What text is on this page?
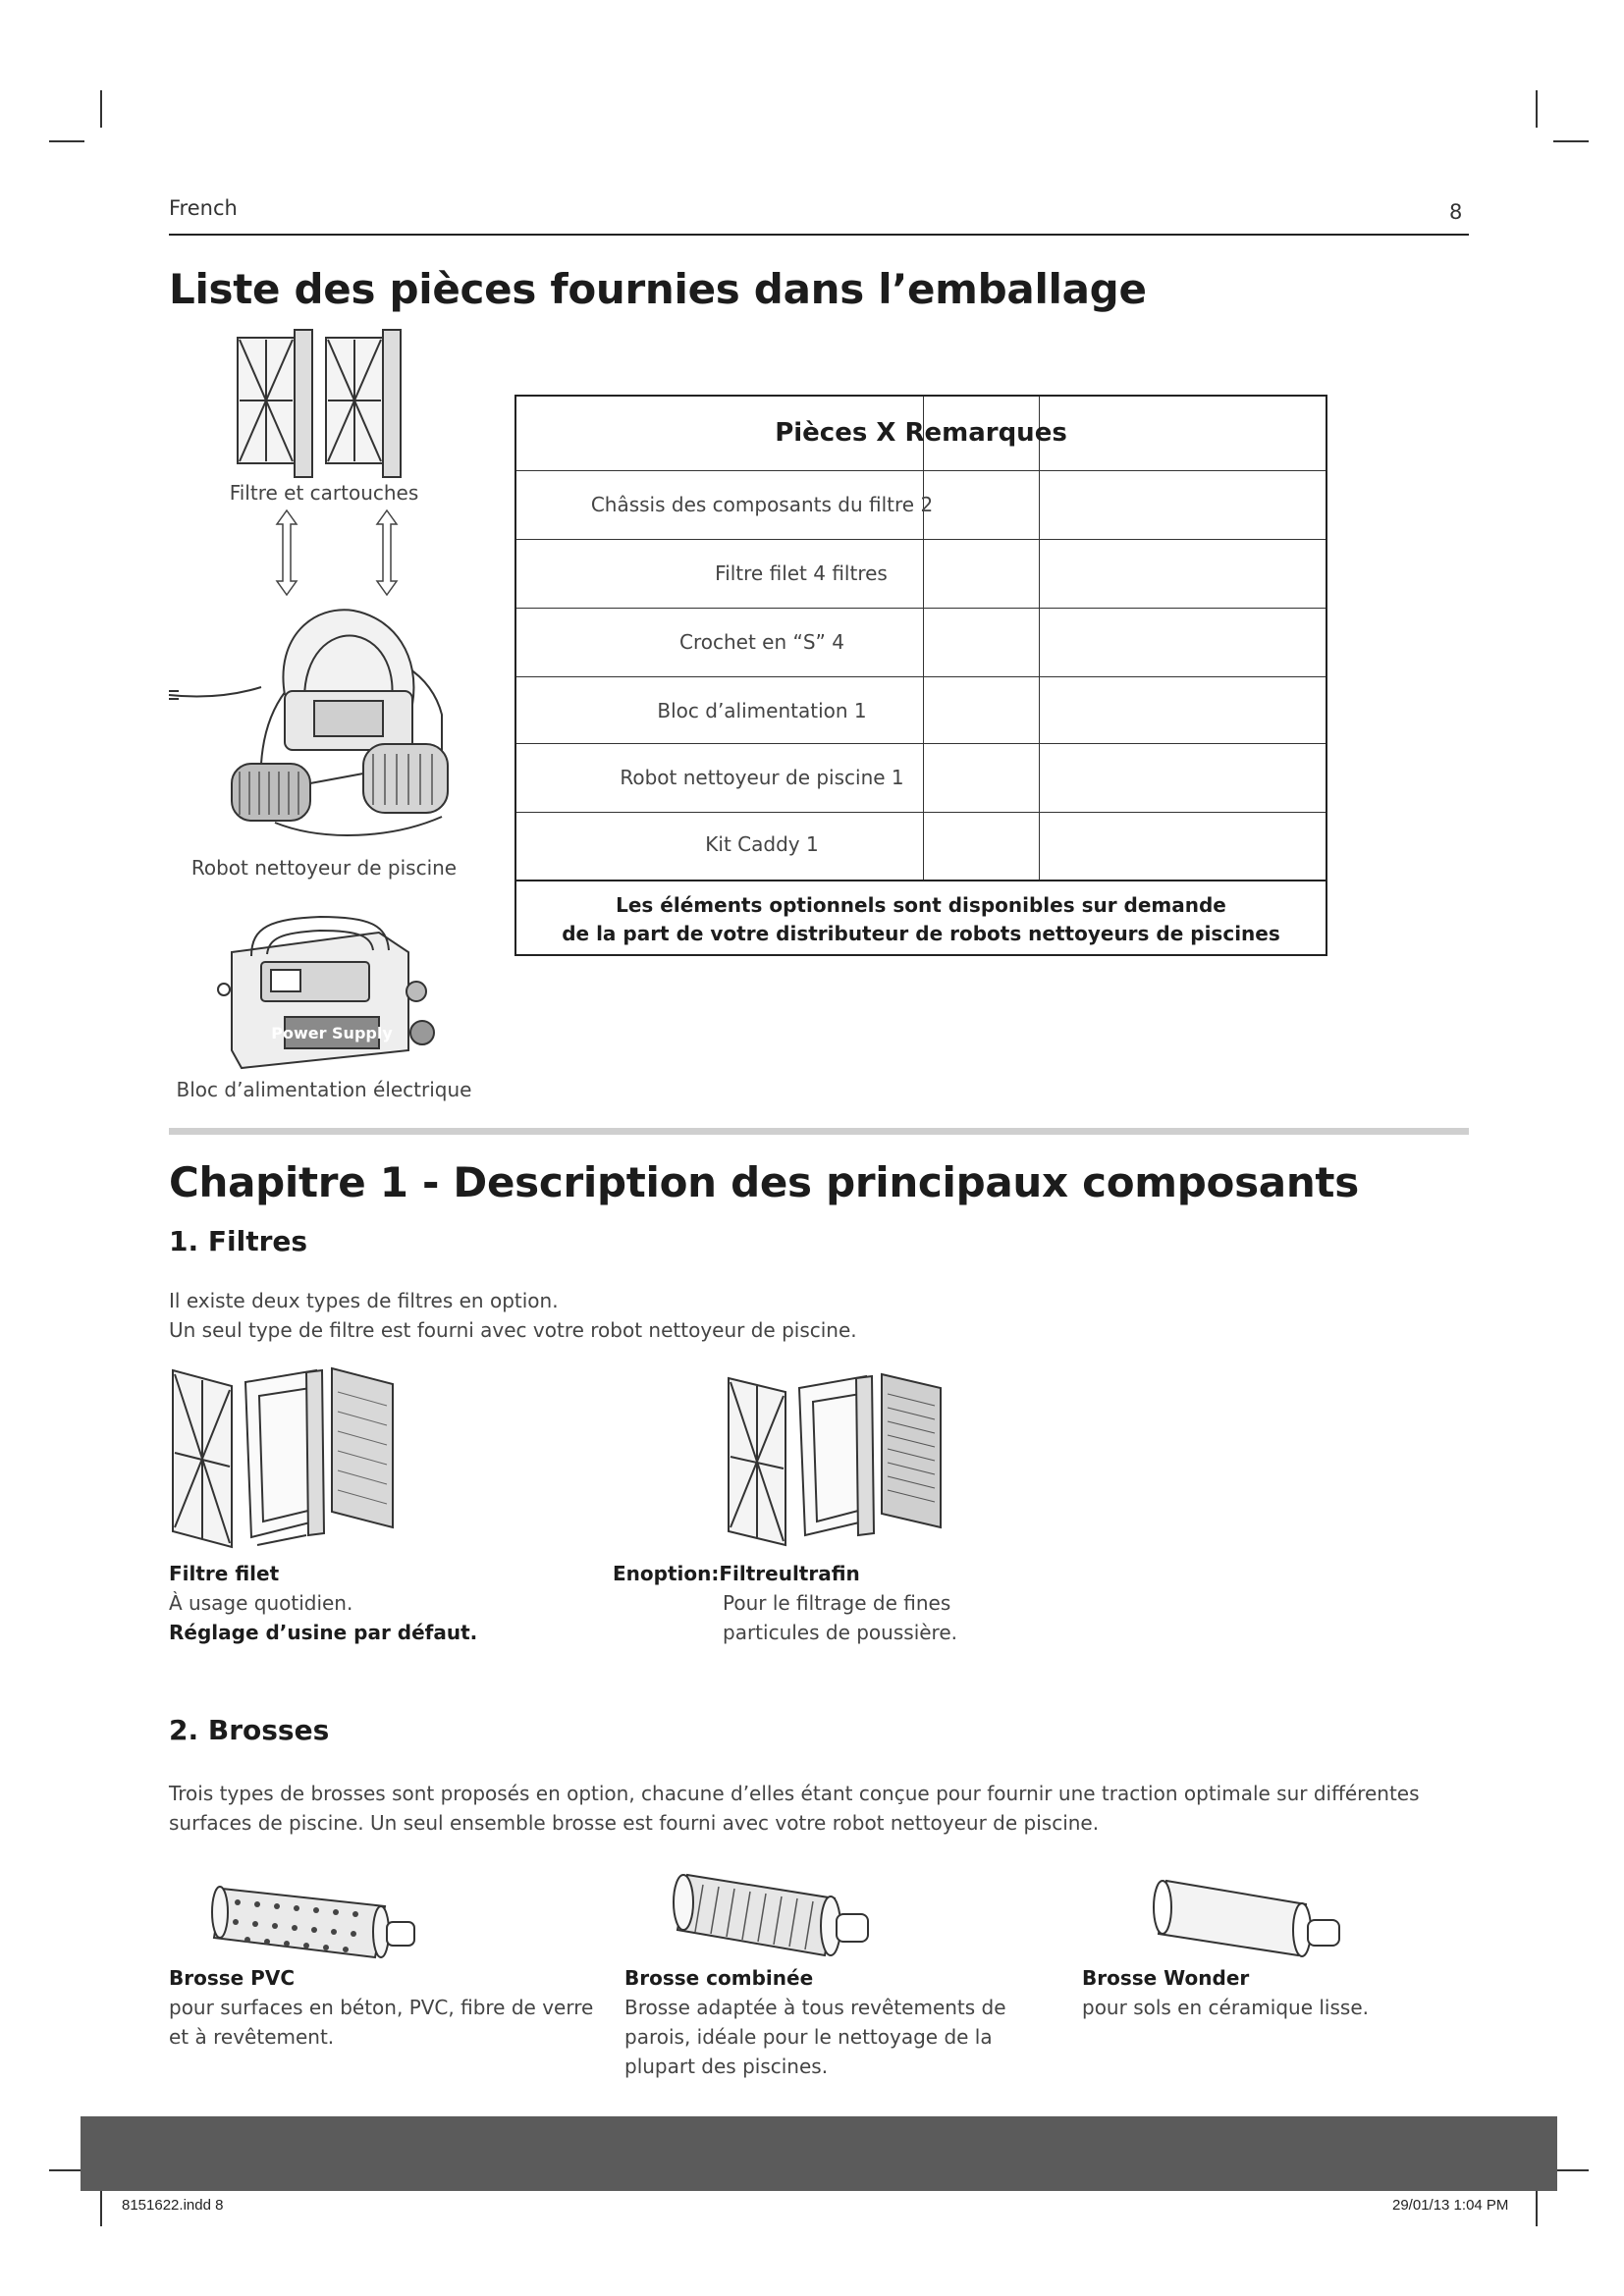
French	8
Liste des pièces fournies dans l’emballage
Filtre et cartouches
Robot nettoyeur de piscine
Power Supply
Bloc d’alimentation électrique
Pièces X Remarques
Châssis des composants du filtre 2
Filtre filet 4 filtres
Crochet en “S” 4
Bloc d’alimentation 1
Robot nettoyeur de piscine 1
Kit Caddy 1
Les éléments optionnels sont disponibles sur demande
de la part de votre distributeur de robots nettoyeurs de piscines
Chapitre 1 - Description des principaux composants
1. Filtres
Il existe deux types de filtres en option.
Un seul type de filtre est fourni avec votre robot nettoyeur de piscine.
Filtre filet
À usage quotidien.
Réglage d’usine par défaut.
Enoption:Filtreultrafin
Pour le filtrage de fines
particules de poussière.
2. Brosses
Trois types de brosses sont proposés en option, chacune d’elles étant conçue pour fournir une traction optimale sur différentes
surfaces de piscine. Un seul ensemble brosse est fourni avec votre robot nettoyeur de piscine.
Brosse PVC
pour surfaces en béton, PVC, fibre de verre
et à revêtement.
Brosse combinée
Brosse adaptée à tous revêtements de
parois, idéale pour le nettoyage de la
plupart des piscines.
Brosse Wonder
pour sols en céramique lisse.
8151622.indd 8	29/01/13 1:04 PM
